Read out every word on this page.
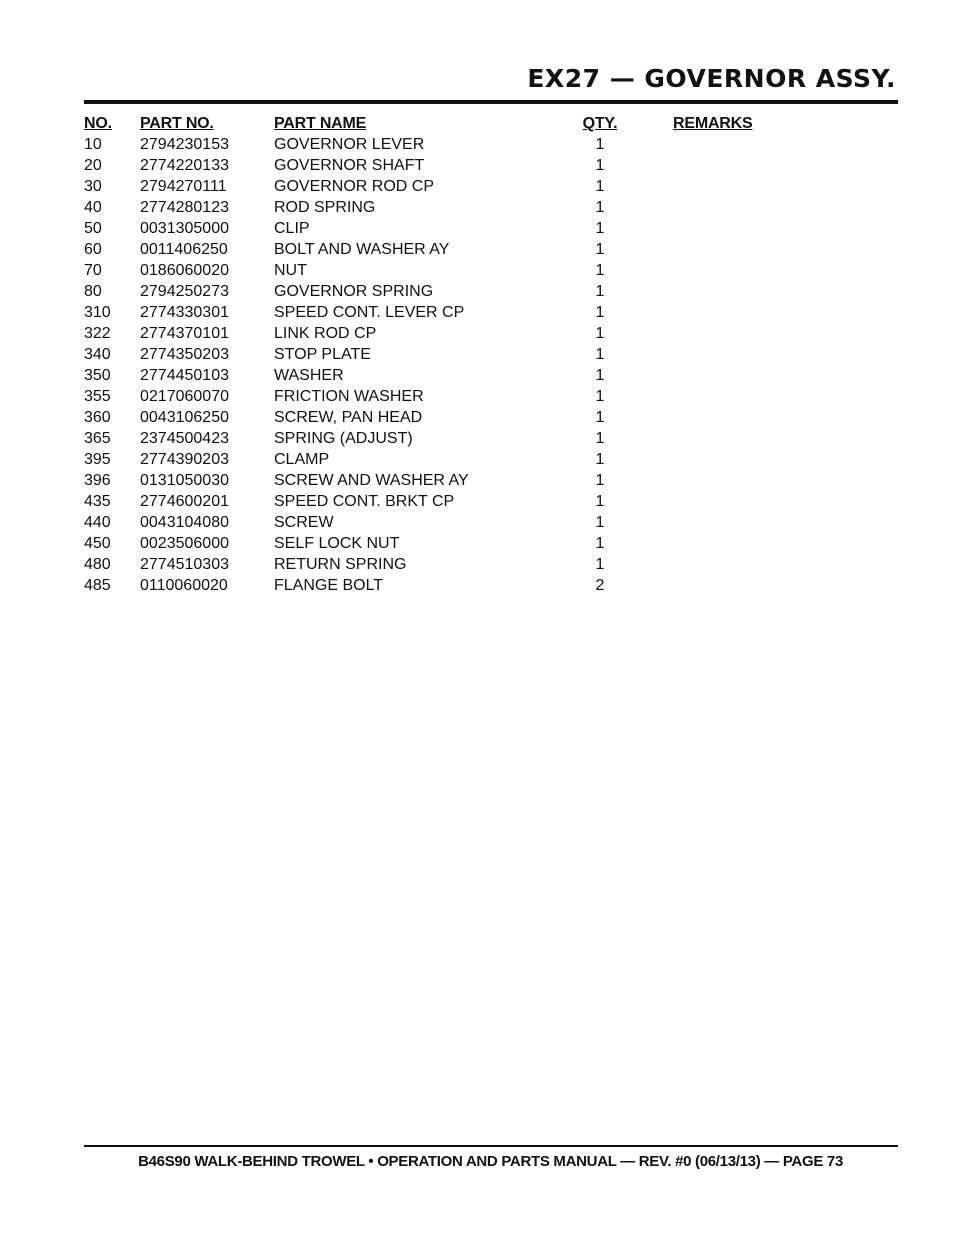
EX27 — GOVERNOR ASSY.
NO. PART NO.	PART NAME	QTY.	REMARKS
10 2794230153	GOVERNOR LEVER	1
20 2774220133	GOVERNOR SHAFT	1
30 2794270111	GOVERNOR ROD CP	1
40 2774280123	ROD SPRING	1
50 0031305000	CLIP	1
60 0011406250	BOLT AND WASHER AY	1
70 0186060020	NUT	1
80 2794250273	GOVERNOR SPRING	1
310 2774330301	SPEED CONT. LEVER CP	1
322 2774370101	LINK ROD CP	1
340 2774350203	STOP PLATE	1
350 2774450103	WASHER	1
355 0217060070	FRICTION WASHER	1
360 0043106250	SCREW, PAN HEAD	1
365 2374500423	SPRING (ADJUST)	1
395 2774390203	CLAMP	1
396 0131050030	SCREW AND WASHER AY	1
435 2774600201	SPEED CONT. BRKT CP	1
440 0043104080	SCREW	1
450 0023506000	SELF LOCK NUT	1
480 2774510303	RETURN SPRING	1
485 0110060020	FLANGE BOLT	2
B46S90 WALK-BEHIND TROWEL • OPERATION AND PARTS MANUAL — REV. #0 (06/13/13) — PAGE 73
